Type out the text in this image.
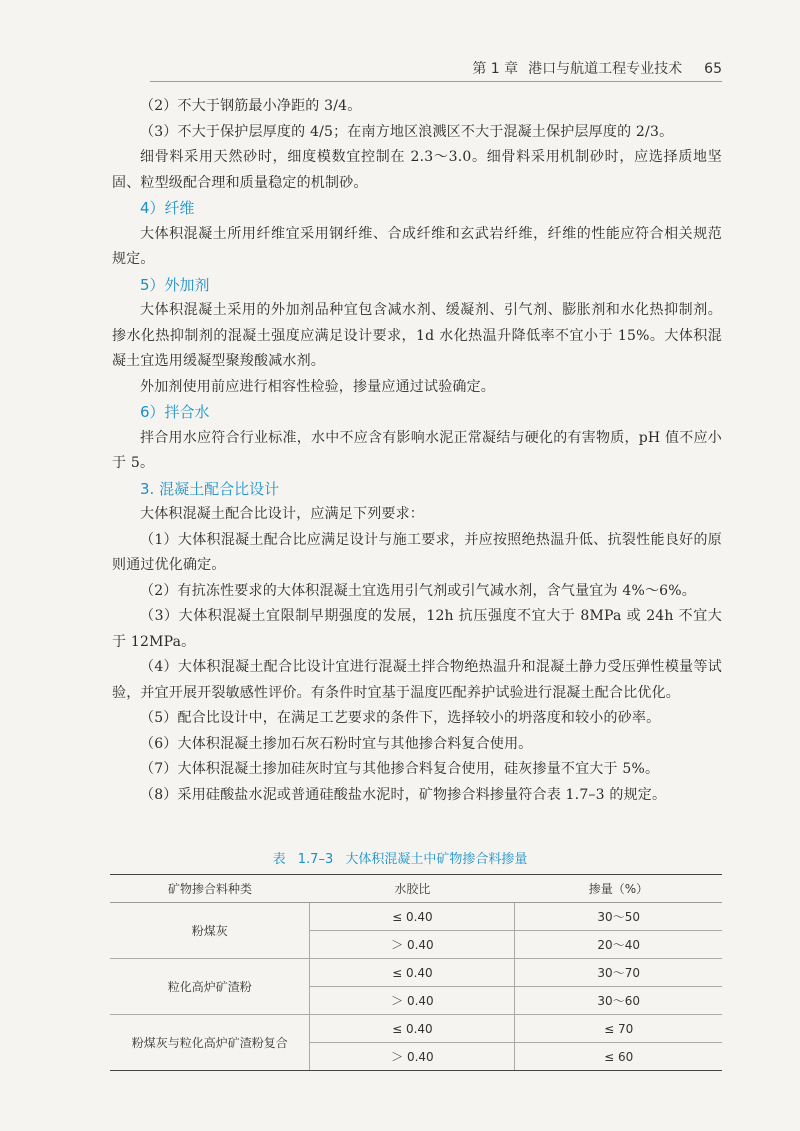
第 1 章 港口与航道工程专业技术 65

（2）不大于钢筋最小净距的 3/4。

（3）不大于保护层厚度的 4/5；在南方地区浪溅区不大于混凝土保护层厚度的 2/3。

细骨料采用天然砂时，细度模数宜控制在 2.3～3.0。细骨料采用机制砂时，应选择质地坚固、粒型级配合理和质量稳定的机制砂。

4）纤维

大体积混凝土所用纤维宜采用钢纤维、合成纤维和玄武岩纤维，纤维的性能应符合相关规范规定。

5）外加剂

大体积混凝土采用的外加剂品种宜包含减水剂、缓凝剂、引气剂、膨胀剂和水化热抑制剂。掺水化热抑制剂的混凝土强度应满足设计要求，1d 水化热温升降低率不宜小于 15%。大体积混凝土宜选用缓凝型聚羧酸减水剂。

外加剂使用前应进行相容性检验，掺量应通过试验确定。

6）拌合水

拌合用水应符合行业标准，水中不应含有影响水泥正常凝结与硬化的有害物质，pH 值不应小于 5。

3. 混凝土配合比设计

大体积混凝土配合比设计，应满足下列要求：

（1）大体积混凝土配合比应满足设计与施工要求，并应按照绝热温升低、抗裂性能良好的原则通过优化确定。

（2）有抗冻性要求的大体积混凝土宜选用引气剂或引气减水剂，含气量宜为 4%～6%。

（3）大体积混凝土宜限制早期强度的发展，12h 抗压强度不宜大于 8MPa 或 24h 不宜大于 12MPa。

（4）大体积混凝土配合比设计宜进行混凝土拌合物绝热温升和混凝土静力受压弹性模量等试验，并宜开展开裂敏感性评价。有条件时宜基于温度匹配养护试验进行混凝土配合比优化。

（5）配合比设计中，在满足工艺要求的条件下，选择较小的坍落度和较小的砂率。

（6）大体积混凝土掺加石灰石粉时宜与其他掺合料复合使用。

（7）大体积混凝土掺加硅灰时宜与其他掺合料复合使用，硅灰掺量不宜大于 5%。

（8）采用硅酸盐水泥或普通硅酸盐水泥时，矿物掺合料掺量符合表 1.7–3 的规定。

表 1.7–3 大体积混凝土中矿物掺合料掺量
矿物掺合料种类	水胶比	掺量（%）
粉煤灰	≤ 0.40	30～50
	＞ 0.40	20～40
粒化高炉矿渣粉	≤ 0.40	30～70
	＞ 0.40	30～60
粉煤灰与粒化高炉矿渣粉复合	≤ 0.40	≤ 70
	＞ 0.40	≤ 60
